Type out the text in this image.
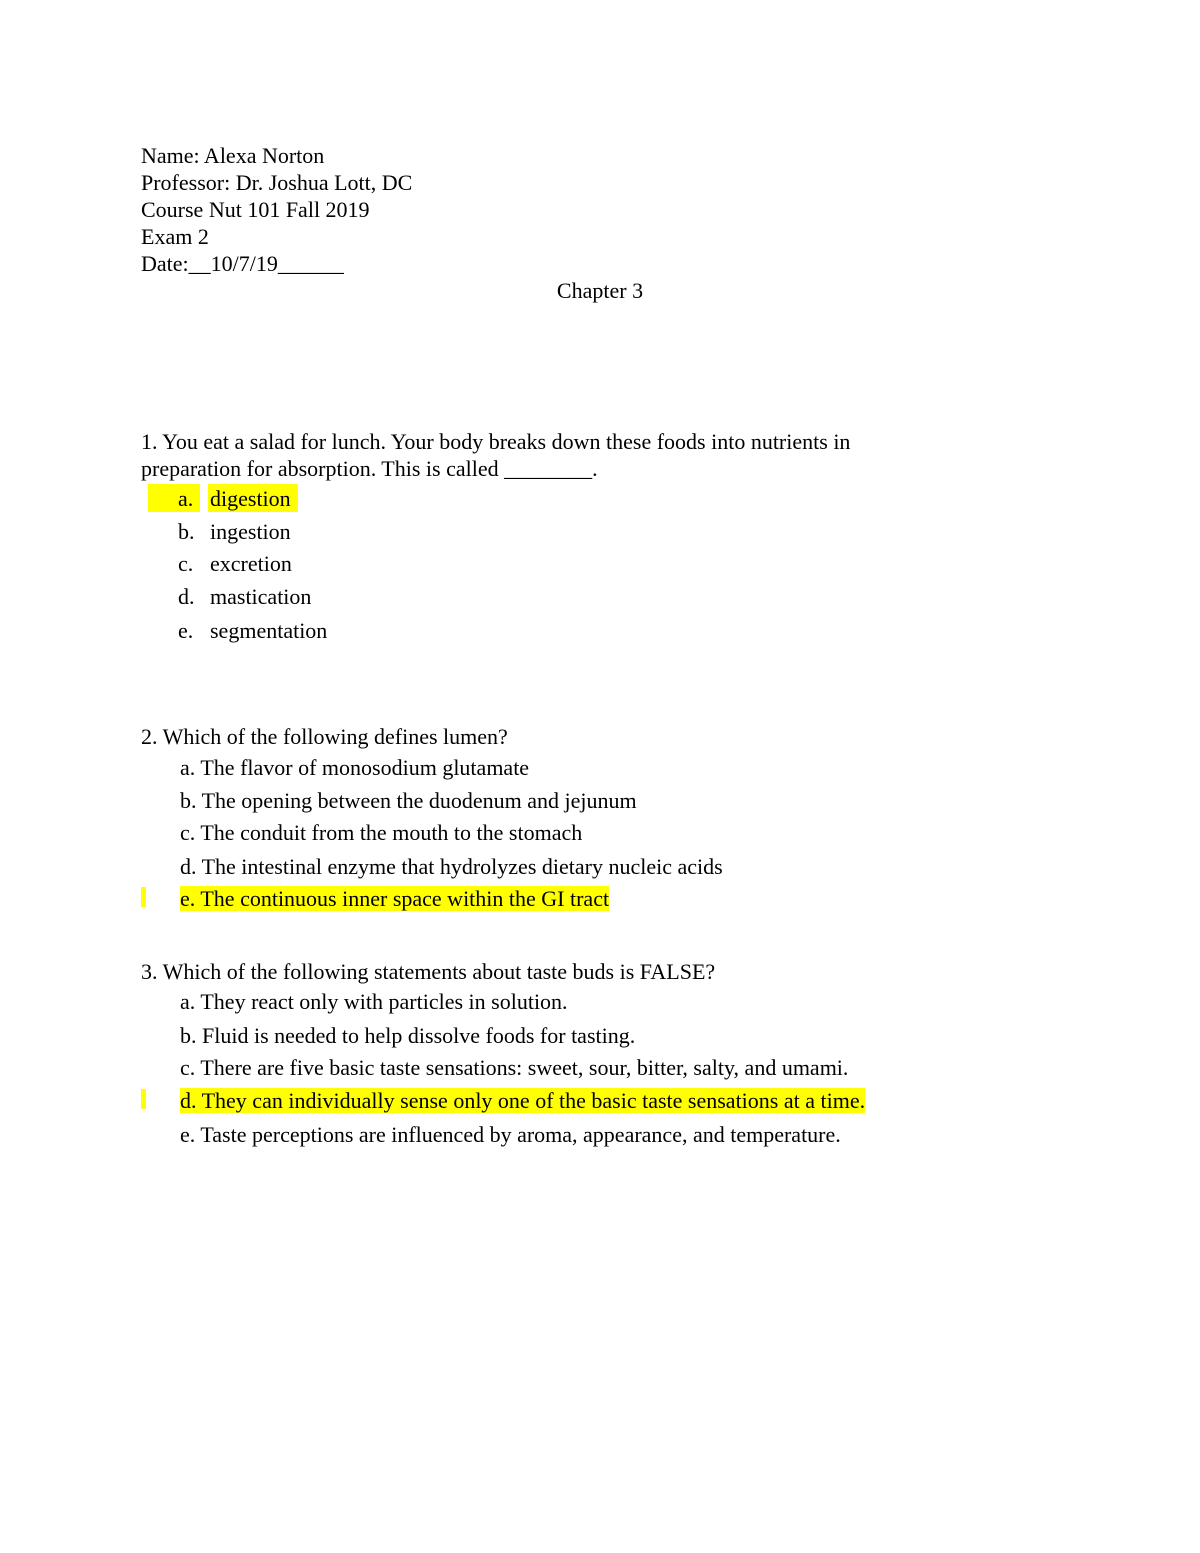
Name: Alexa Norton
Professor: Dr. Joshua Lott, DC
Course Nut 101 Fall 2019
Exam 2
Date:__10/7/19______
Chapter 3
1. You eat a salad for lunch. Your body breaks down these foods into nutrients in
preparation for absorption. This is called ________.
a. digestion
b. ingestion
c. excretion
d. mastication
e. segmentation
2. Which of the following defines lumen?
a. The flavor of monosodium glutamate
b. The opening between the duodenum and jejunum
c. The conduit from the mouth to the stomach
d. The intestinal enzyme that hydrolyzes dietary nucleic acids
e. The continuous inner space within the GI tract
3. Which of the following statements about taste buds is FALSE?
a. They react only with particles in solution.
b. Fluid is needed to help dissolve foods for tasting.
c. There are five basic taste sensations: sweet, sour, bitter, salty, and umami.
d. They can individually sense only one of the basic taste sensations at a time.
e. Taste perceptions are influenced by aroma, appearance, and temperature.
